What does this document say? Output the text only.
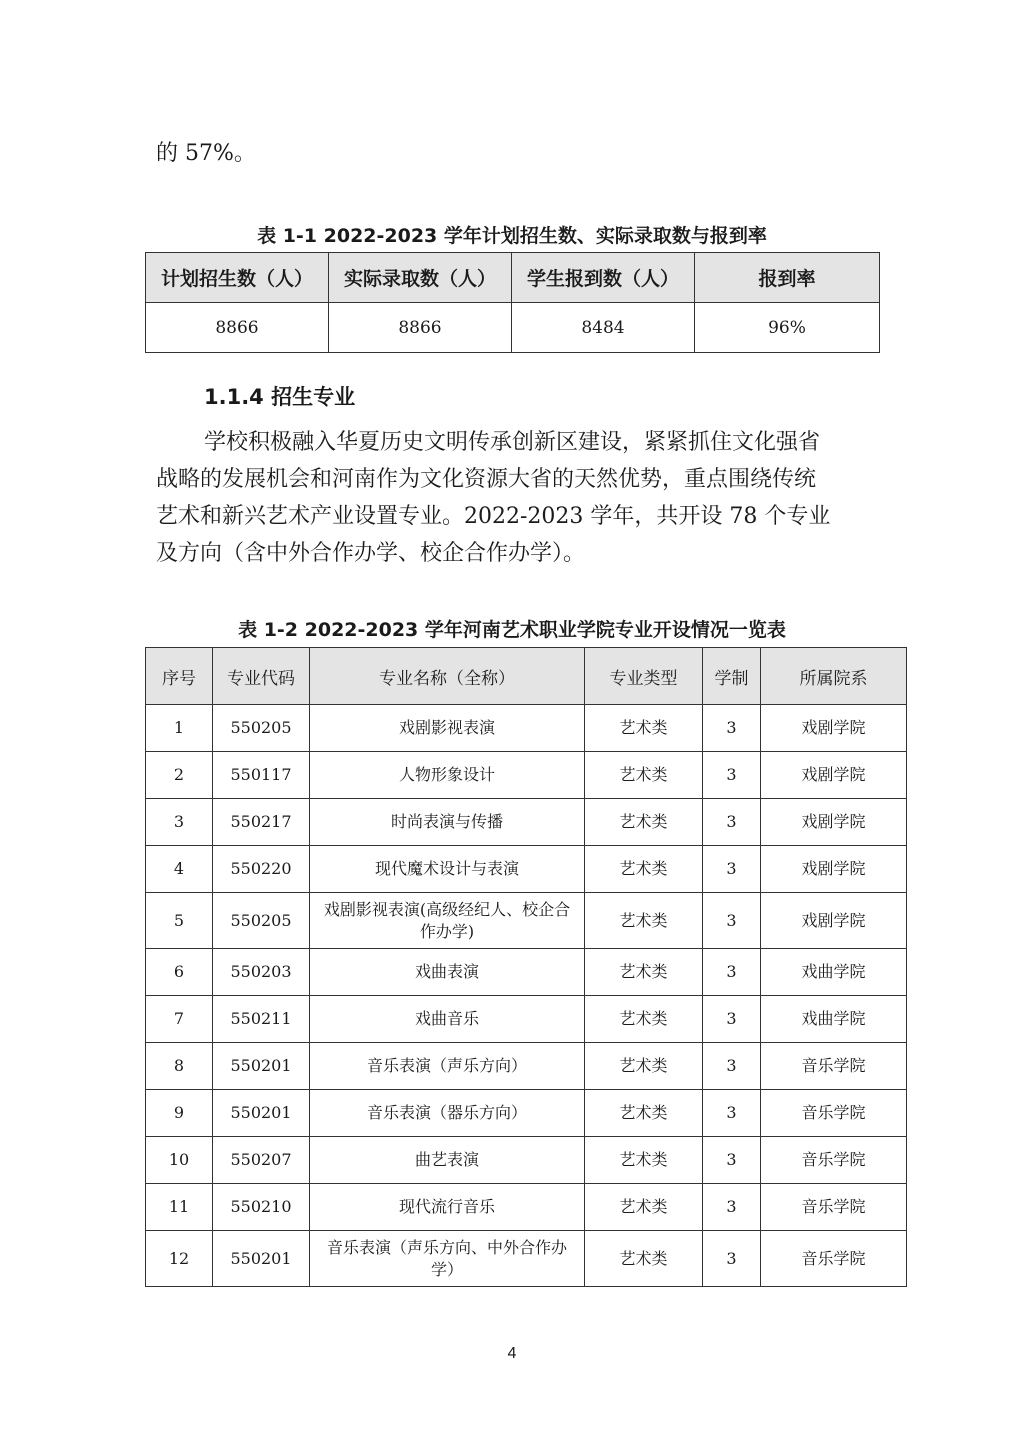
的 57%。
表 1-1 2022-2023 学年计划招生数、实际录取数与报到率
计划招生数（人）	实际录取数（人）	学生报到数（人）	报到率
8866	8866	8484	96%
1.1.4 招生专业
学校积极融入华夏历史文明传承创新区建设，紧紧抓住文化强省
战略的发展机会和河南作为文化资源大省的天然优势，重点围绕传统
艺术和新兴艺术产业设置专业。2022-2023 学年，共开设 78 个专业
及方向（含中外合作办学、校企合作办学）。
表 1-2 2022-2023 学年河南艺术职业学院专业开设情况一览表
序号	专业代码	专业名称（全称）	专业类型	学制	所属院系
1	550205	戏剧影视表演	艺术类	3	戏剧学院
2	550117	人物形象设计	艺术类	3	戏剧学院
3	550217	时尚表演与传播	艺术类	3	戏剧学院
4	550220	现代魔术设计与表演	艺术类	3	戏剧学院
5	550205	戏剧影视表演(高级经纪人、校企合作办学)	艺术类	3	戏剧学院
6	550203	戏曲表演	艺术类	3	戏曲学院
7	550211	戏曲音乐	艺术类	3	戏曲学院
8	550201	音乐表演（声乐方向）	艺术类	3	音乐学院
9	550201	音乐表演（器乐方向）	艺术类	3	音乐学院
10	550207	曲艺表演	艺术类	3	音乐学院
11	550210	现代流行音乐	艺术类	3	音乐学院
12	550201	音乐表演（声乐方向、中外合作办学）	艺术类	3	音乐学院
4
